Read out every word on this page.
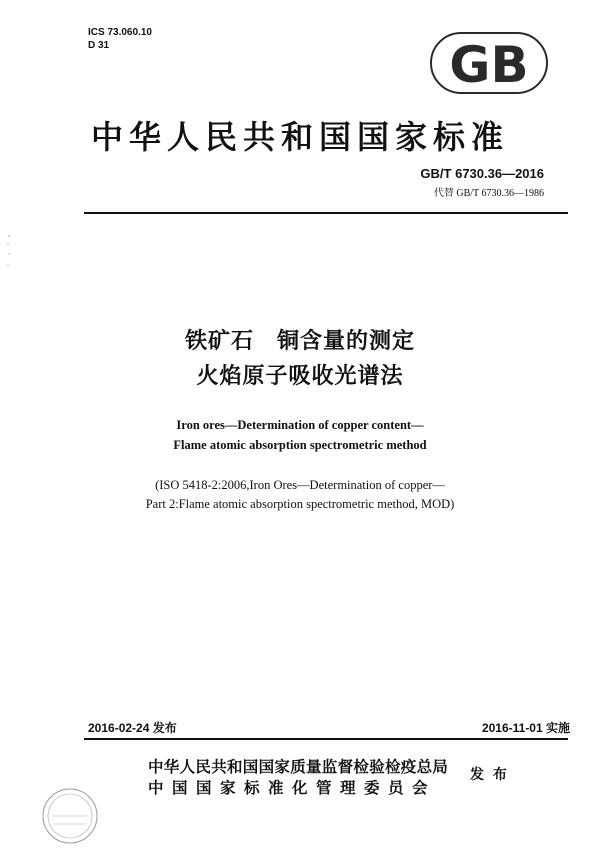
ICS 73.060.10
D 31	GB
中华人民共和国国家标准
GB/T 6730.36—2016
代替 GB/T 6730.36—1986
铁矿石　铜含量的测定
火焰原子吸收光谱法
Iron ores—Determination of copper content—
Flame atomic absorption spectrometric method
(ISO 5418-2:2006,Iron Ores—Determination of copper—
Part 2:Flame atomic absorption spectrometric method, MOD)
2016-02-24 发布	2016-11-01 实施
中华人民共和国国家质量监督检验检疫总局
中国国家标准化管理委员会
发 布
